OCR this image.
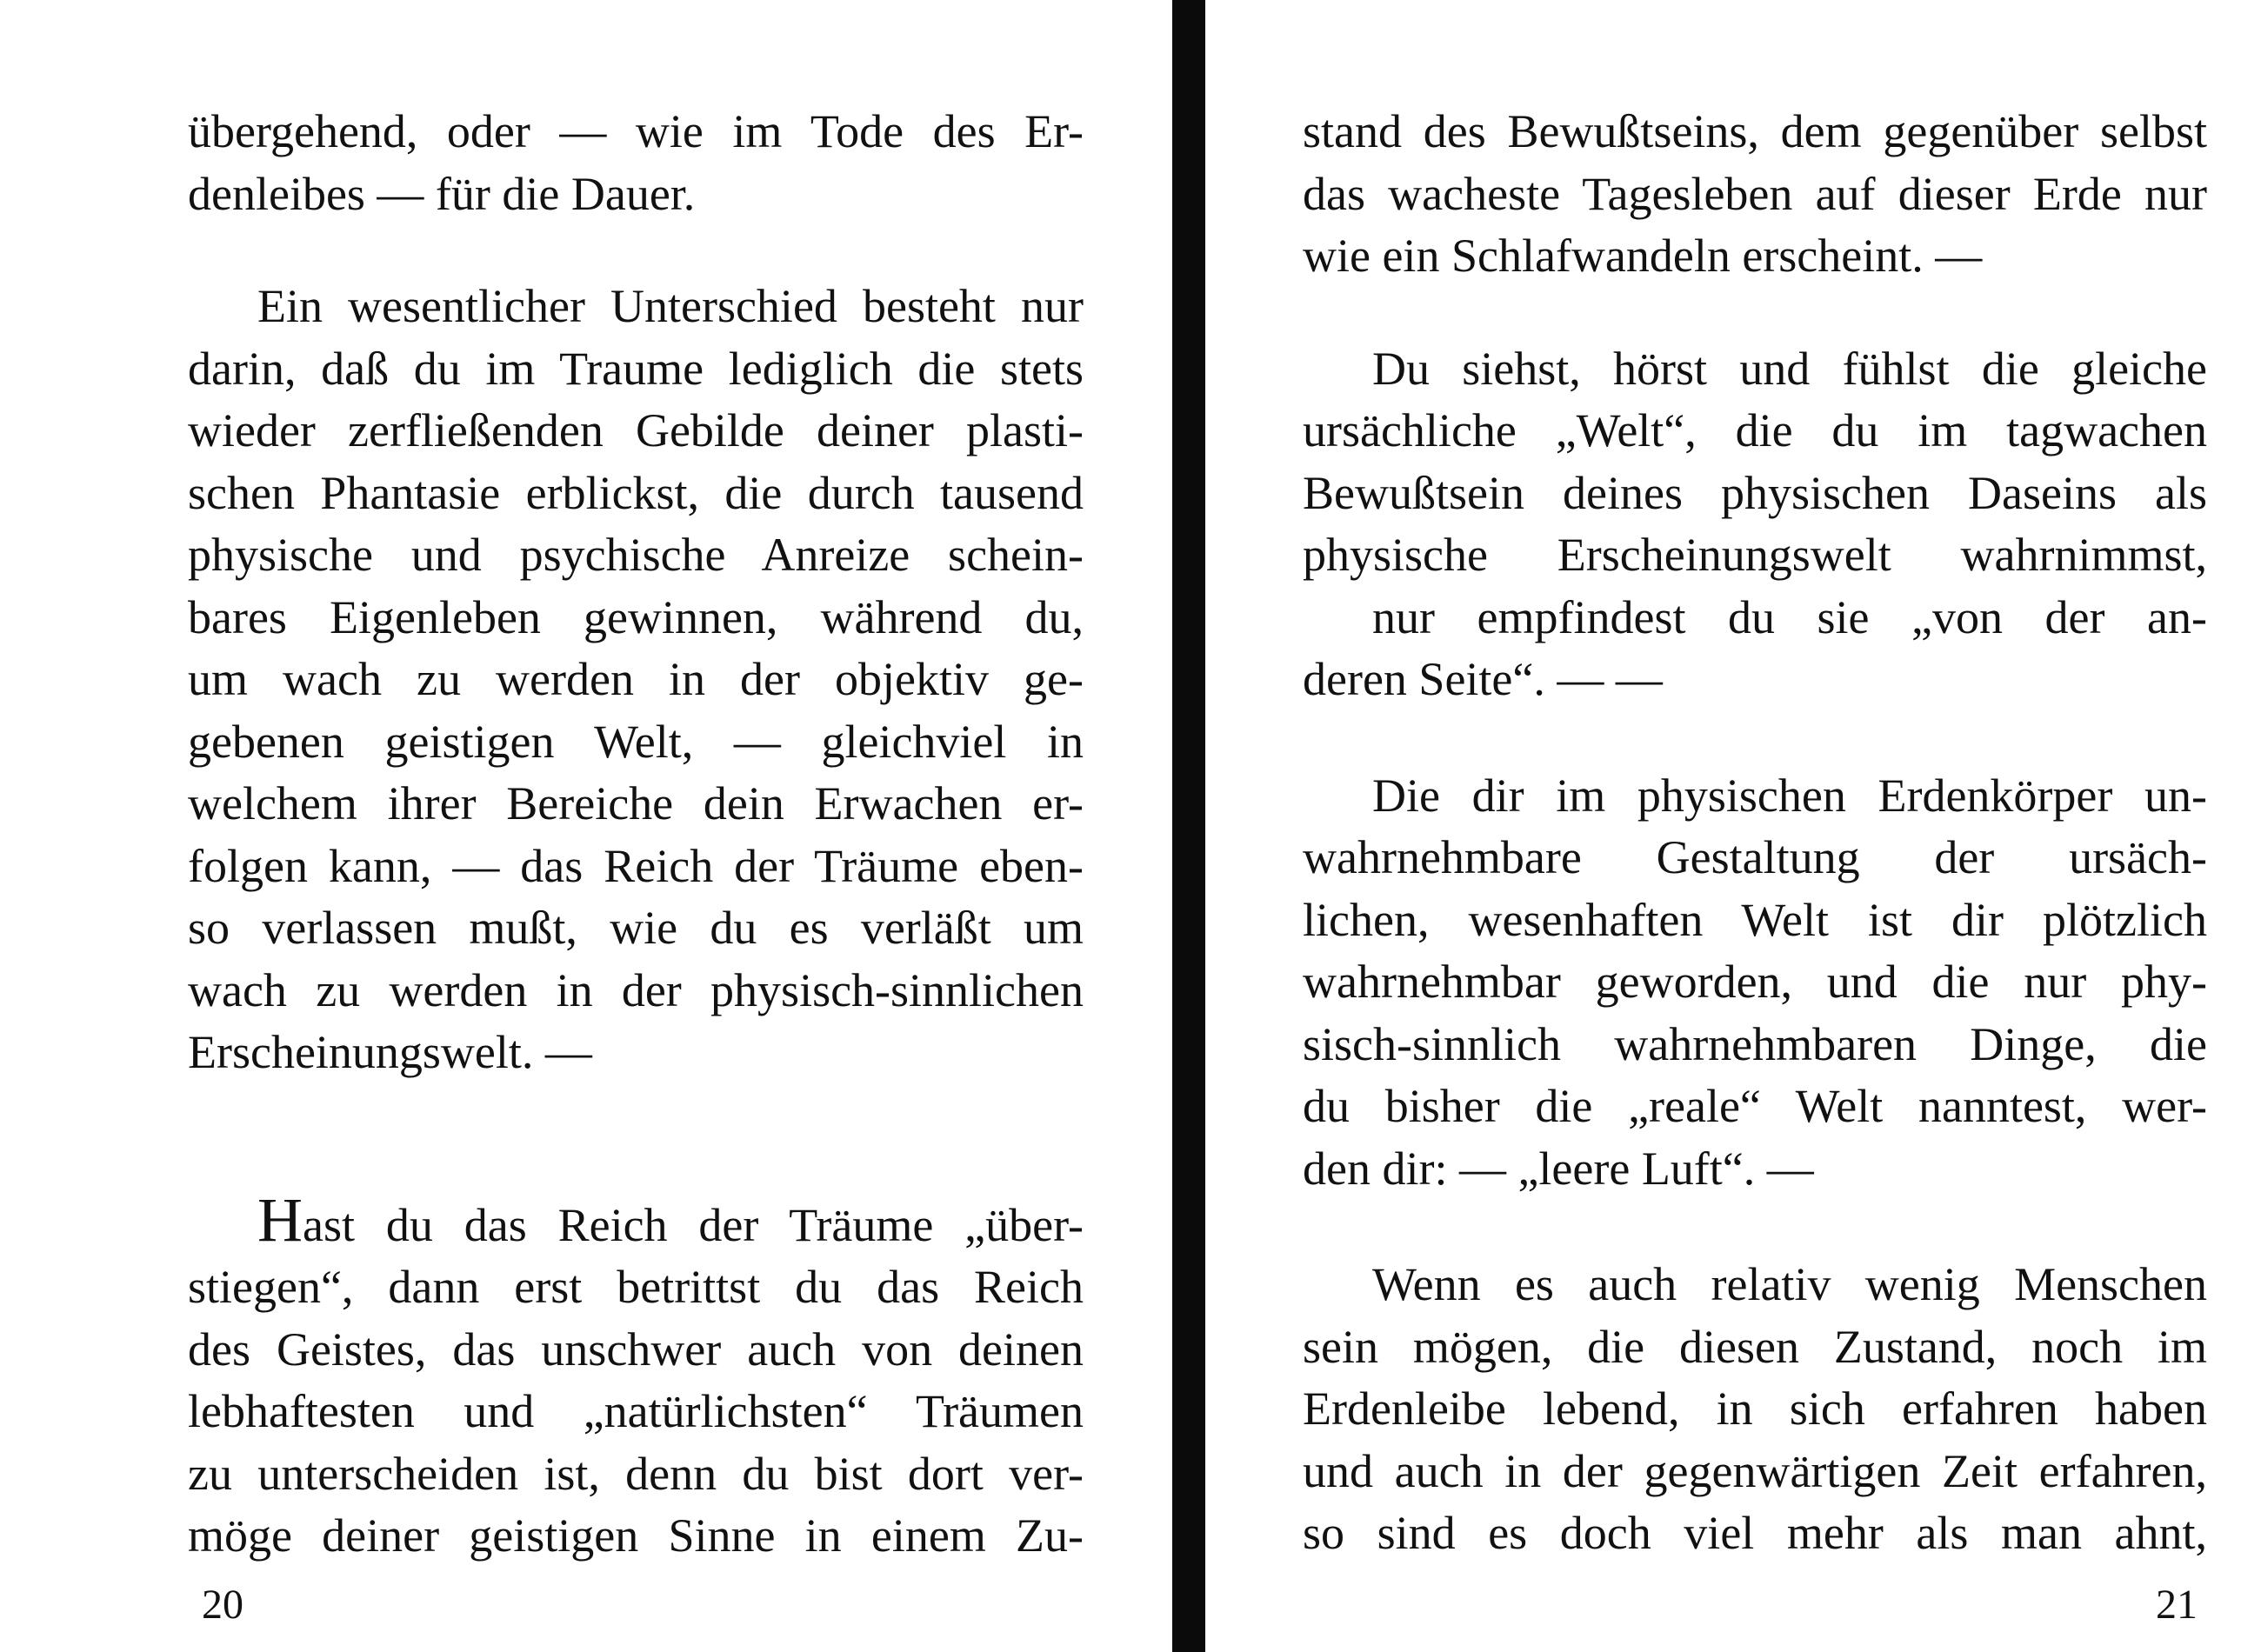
übergehend, oder — wie im Tode des Er-
denleibes — für die Dauer.
Ein wesentlicher Unterschied besteht nur
darin, daß du im Traume lediglich die stets
wieder zerfließenden Gebilde deiner plasti-
schen Phantasie erblickst, die durch tausend
physische und psychische Anreize schein-
bares Eigenleben gewinnen, während du,
um wach zu werden in der objektiv ge-
gebenen geistigen Welt, — gleichviel in
welchem ihrer Bereiche dein Erwachen er-
folgen kann, — das Reich der Träume eben-
so verlassen mußt, wie du es verläßt um
wach zu werden in der physisch-sinnlichen
Erscheinungswelt. —
Hast du das Reich der Träume „über-
stiegen“, dann erst betrittst du das Reich
des Geistes, das unschwer auch von deinen
lebhaftesten und „natürlichsten“ Träumen
zu unterscheiden ist, denn du bist dort ver-
möge deiner geistigen Sinne in einem Zu-
20
stand des Bewußtseins, dem gegenüber selbst
das wacheste Tagesleben auf dieser Erde nur
wie ein Schlafwandeln erscheint. —
Du siehst, hörst und fühlst die gleiche
ursächliche „Welt“, die du im tagwachen
Bewußtsein deines physischen Daseins als
physische Erscheinungswelt wahrnimmst,
nur empfindest du sie „von der an-
deren Seite“. — —
Die dir im physischen Erdenkörper un-
wahrnehmbare Gestaltung der ursäch-
lichen, wesenhaften Welt ist dir plötzlich
wahrnehmbar geworden, und die nur phy-
sisch-sinnlich wahrnehmbaren Dinge, die
du bisher die „reale“ Welt nanntest, wer-
den dir: — „leere Luft“. —
Wenn es auch relativ wenig Menschen
sein mögen, die diesen Zustand, noch im
Erdenleibe lebend, in sich erfahren haben
und auch in der gegenwärtigen Zeit erfahren,
so sind es doch viel mehr als man ahnt,
21
